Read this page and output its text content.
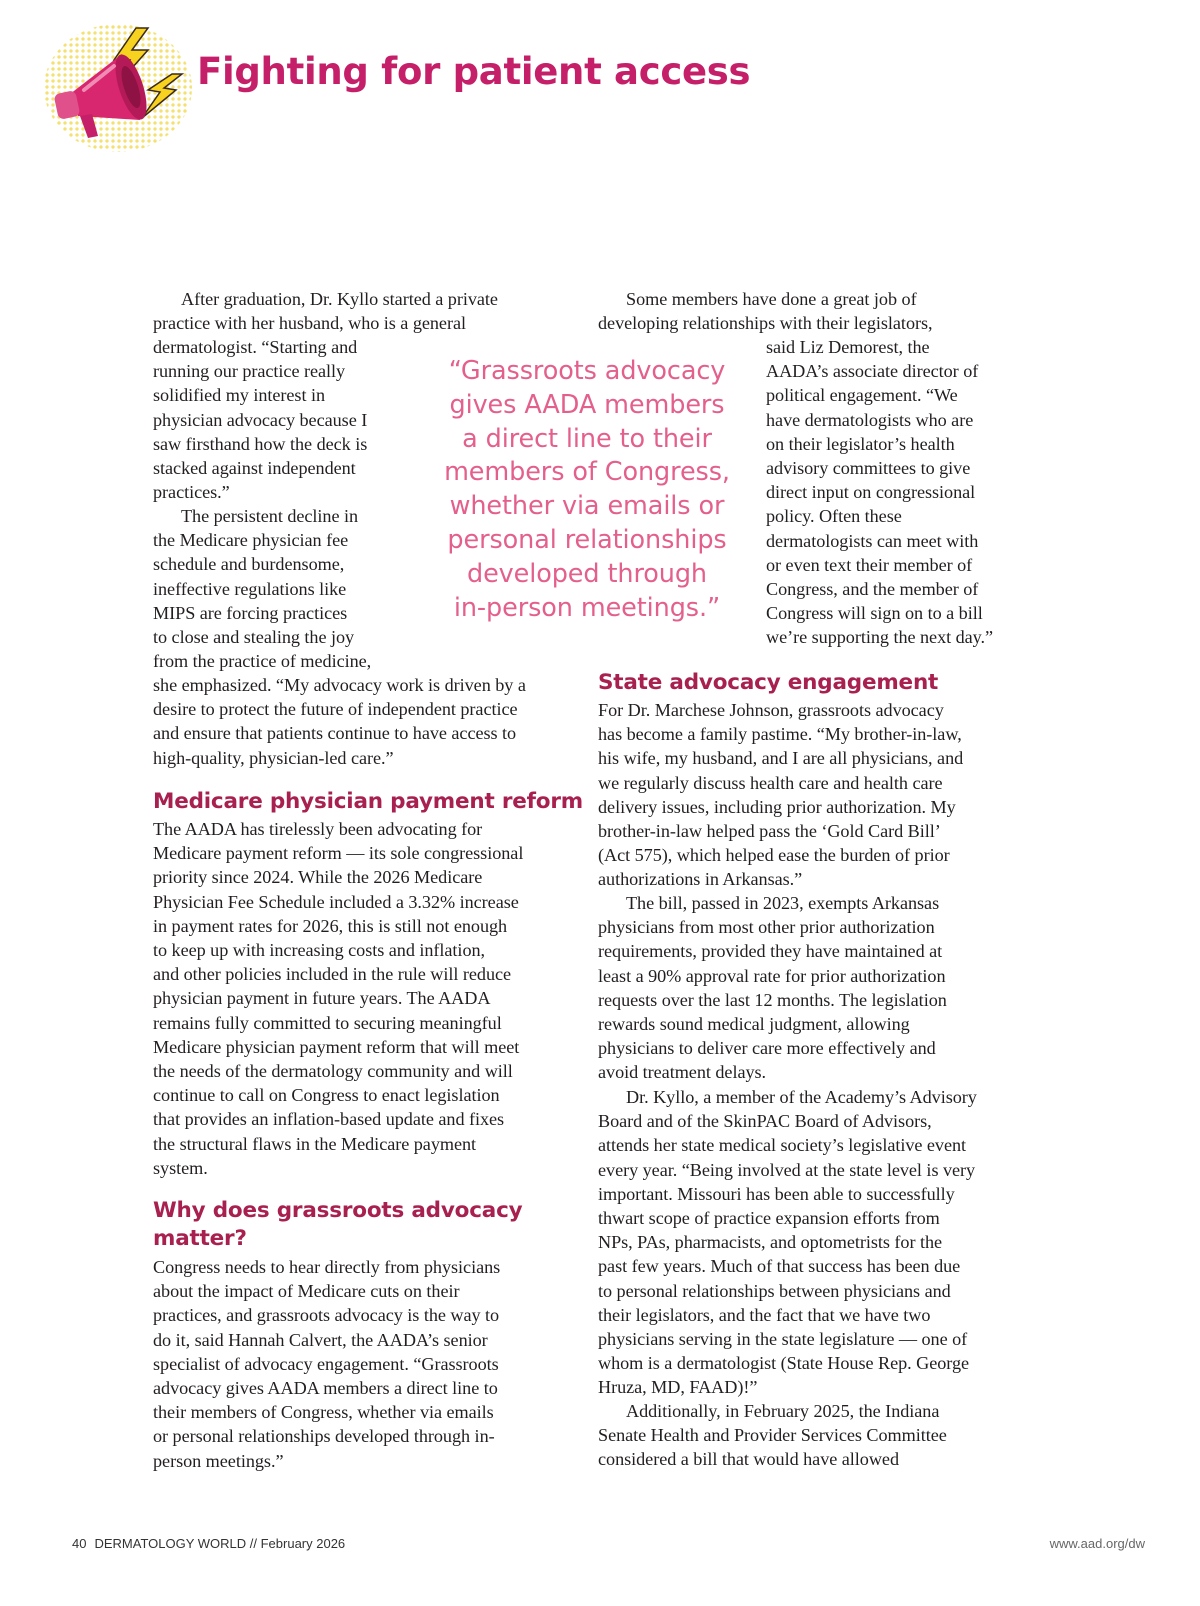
Fighting for patient access

After graduation, Dr. Kyllo started a private
practice with her husband, who is a general

dermatologist. “Starting and
running our practice really
solidified my interest in
physician advocacy because I
saw firsthand how the deck is
stacked against independent
practices.”

The persistent decline in
the Medicare physician fee
schedule and burdensome,
ineffective regulations like
MIPS are forcing practices
to close and stealing the joy
from the practice of medicine,

she emphasized. “My advocacy work is driven by a
desire to protect the future of independent practice
and ensure that patients continue to have access to
high-quality, physician-led care.”

Medicare physician payment reform

The AADA has tirelessly been advocating for
Medicare payment reform — its sole congressional
priority since 2024. While the 2026 Medicare
Physician Fee Schedule included a 3.32% increase
in payment rates for 2026, this is still not enough
to keep up with increasing costs and inflation,
and other policies included in the rule will reduce
physician payment in future years. The AADA
remains fully committed to securing meaningful
Medicare physician payment reform that will meet
the needs of the dermatology community and will
continue to call on Congress to enact legislation
that provides an inflation-based update and fixes
the structural flaws in the Medicare payment
system.

Why does grassroots advocacy
matter?

Congress needs to hear directly from physicians
about the impact of Medicare cuts on their
practices, and grassroots advocacy is the way to
do it, said Hannah Calvert, the AADA’s senior
specialist of advocacy engagement. “Grassroots
advocacy gives AADA members a direct line to
their members of Congress, whether via emails
or personal relationships developed through in-
person meetings.”

“Grassroots advocacy
gives AADA members
a direct line to their
members of Congress,
whether via emails or
personal relationships
developed through
in-person meetings.”

Some members have done a great job of
developing relationships with their legislators,

said Liz Demorest, the
AADA’s associate director of
political engagement. “We
have dermatologists who are
on their legislator’s health
advisory committees to give
direct input on congressional
policy. Often these
dermatologists can meet with
or even text their member of
Congress, and the member of
Congress will sign on to a bill
we’re supporting the next day.”

State advocacy engagement

For Dr. Marchese Johnson, grassroots advocacy
has become a family pastime. “My brother-in-law,
his wife, my husband, and I are all physicians, and
we regularly discuss health care and health care
delivery issues, including prior authorization. My
brother-in-law helped pass the ‘Gold Card Bill’
(Act 575), which helped ease the burden of prior
authorizations in Arkansas.”

The bill, passed in 2023, exempts Arkansas
physicians from most other prior authorization
requirements, provided they have maintained at
least a 90% approval rate for prior authorization
requests over the last 12 months. The legislation
rewards sound medical judgment, allowing
physicians to deliver care more effectively and
avoid treatment delays.

Dr. Kyllo, a member of the Academy’s Advisory
Board and of the SkinPAC Board of Advisors,
attends her state medical society’s legislative event
every year. “Being involved at the state level is very
important. Missouri has been able to successfully
thwart scope of practice expansion efforts from
NPs, PAs, pharmacists, and optometrists for the
past few years. Much of that success has been due
to personal relationships between physicians and
their legislators, and the fact that we have two
physicians serving in the state legislature — one of
whom is a dermatologist (State House Rep. George
Hruza, MD, FAAD)!”

Additionally, in February 2025, the Indiana
Senate Health and Provider Services Committee
considered a bill that would have allowed

40 DERMATOLOGY WORLD // February 2026	www.aad.org/dw
